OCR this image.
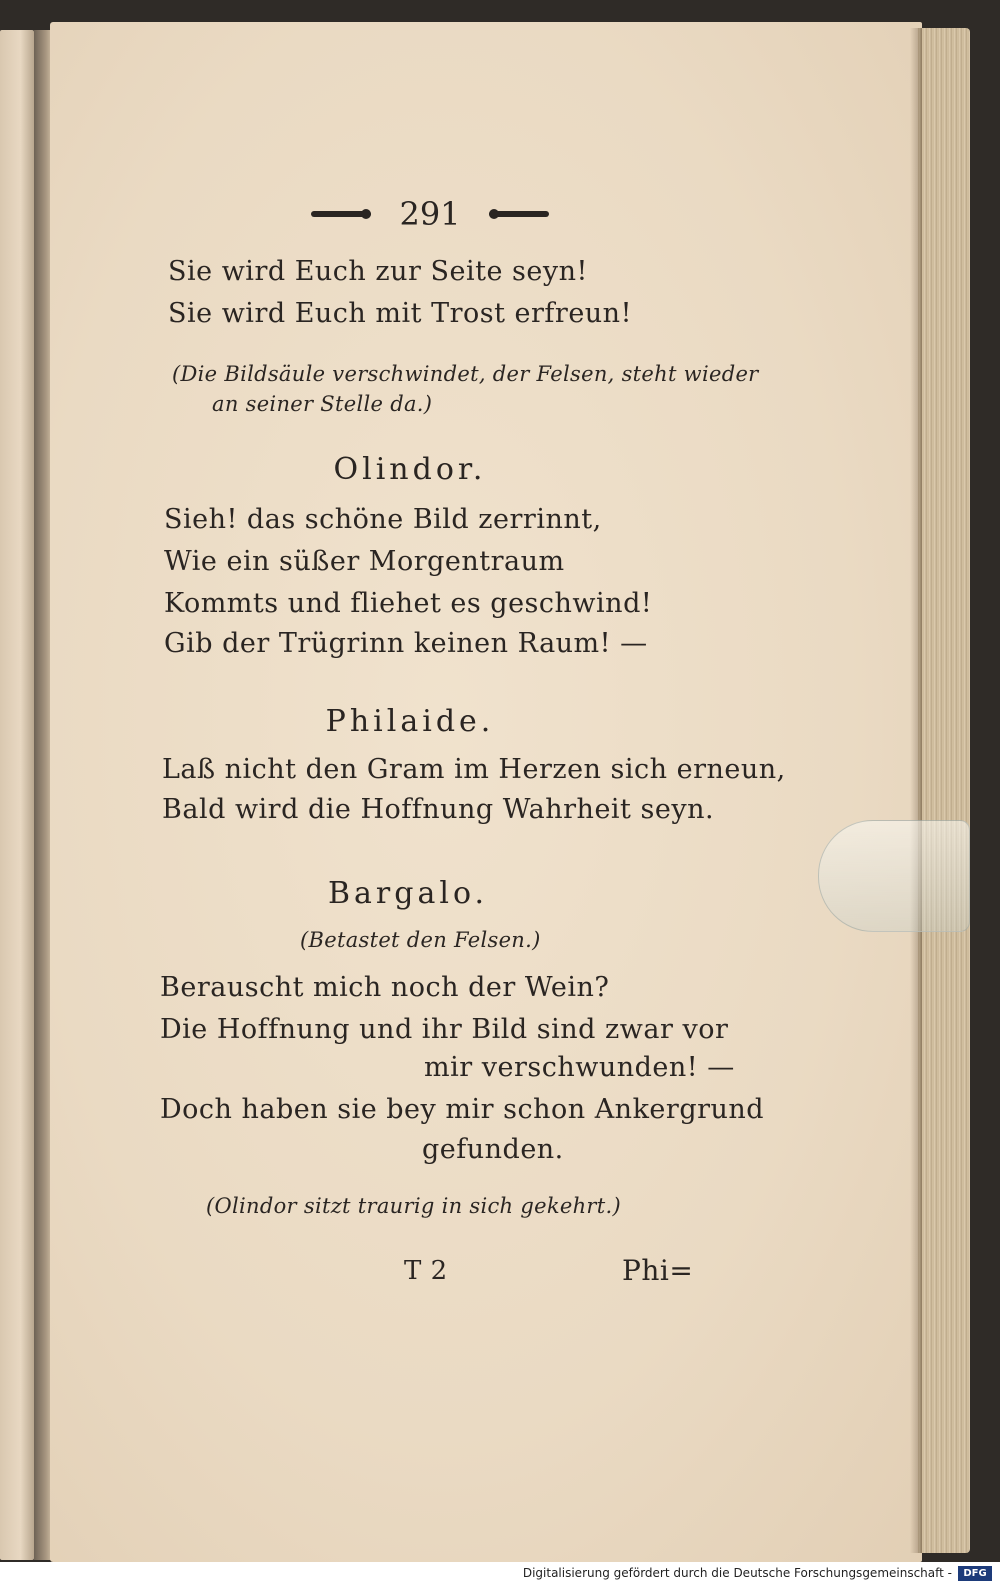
291
Sie wird Euch zur Seite seyn!
Sie wird Euch mit Trost erfreun!
(Die Bildsäule verschwindet, der Felsen, steht wieder
an seiner Stelle da.)
Olindor.
Sieh! das schöne Bild zerrinnt,
Wie ein süßer Morgentraum
Kommts und fliehet es geschwind!
Gib der Trügrinn keinen Raum! —
Philaide.
Laß nicht den Gram im Herzen sich erneun,
Bald wird die Hoffnung Wahrheit seyn.
Bargalo.
(Betastet den Felsen.)
Berauscht mich noch der Wein?
Die Hoffnung und ihr Bild sind zwar vor
mir verschwunden! —
Doch haben sie bey mir schon Ankergrund
gefunden.
(Olindor sitzt traurig in sich gekehrt.)
T 2	Phi=
Digitalisierung gefördert durch die Deutsche Forschungsgemeinschaft -	DFG
